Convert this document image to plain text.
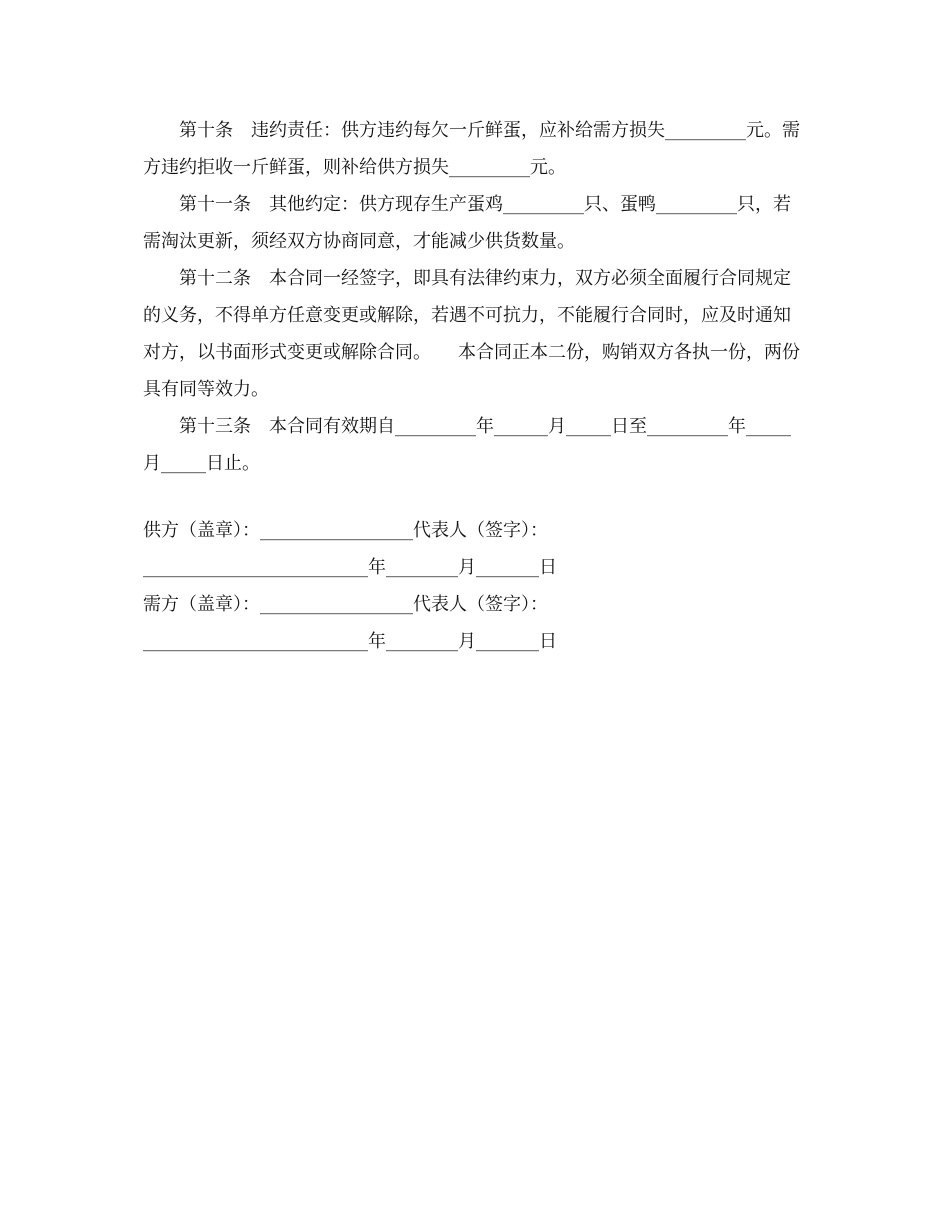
第十条   违约责任：供方违约每欠一斤鲜蛋，应补给需方损失_________元。需方违约拒收一斤鲜蛋，则补给供方损失_________元。

第十一条   其他约定：供方现存生产蛋鸡_________只、蛋鸭_________只，若需淘汰更新，须经双方协商同意，才能减少供货数量。

第十二条   本合同一经签字，即具有法律约束力，双方必须全面履行合同规定的义务，不得单方任意变更或解除，若遇不可抗力，不能履行合同时，应及时通知对方，以书面形式变更或解除合同。　　本合同正本二份，购销双方各执一份，两份具有同等效力。

第十三条   本合同有效期自_________年______月_____日至_________年_____月_____日止。

供方（盖章）：_________________代表人（签字）：

_________________________年________月_______日

需方（盖章）：_________________代表人（签字）：

_________________________年________月_______日
